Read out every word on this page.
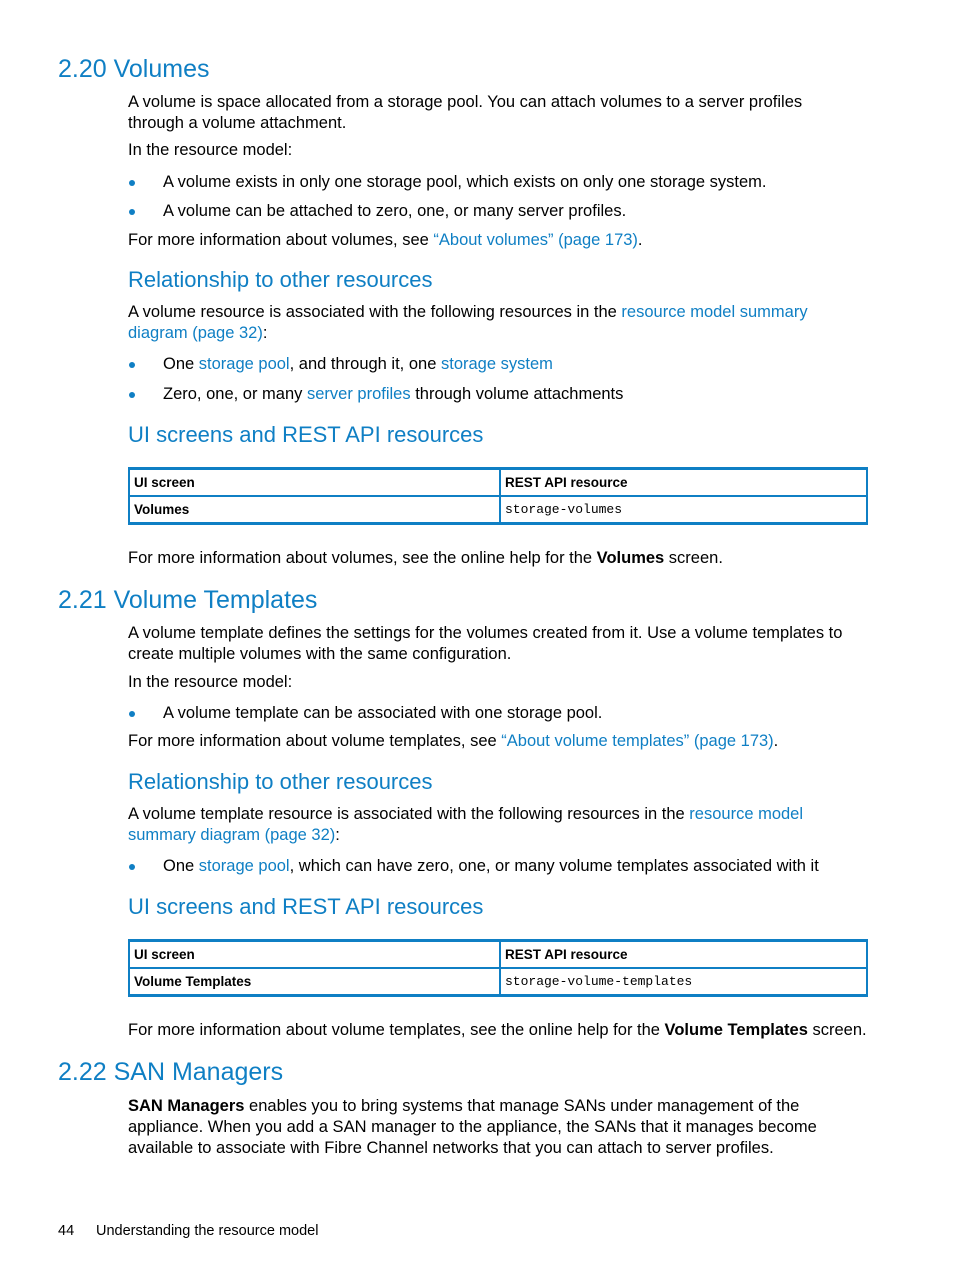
2.20 Volumes
A volume is space allocated from a storage pool. You can attach volumes to a server profiles
through a volume attachment.
In the resource model:
A volume exists in only one storage pool, which exists on only one storage system.
A volume can be attached to zero, one, or many server profiles.
For more information about volumes, see “About volumes” (page 173).
Relationship to other resources
A volume resource is associated with the following resources in the resource model summary
diagram (page 32):
One storage pool, and through it, one storage system
Zero, one, or many server profiles through volume attachments
UI screens and REST API resources
UI screen	REST API resource
Volumes	storage-volumes
For more information about volumes, see the online help for the Volumes screen.
2.21 Volume Templates
A volume template defines the settings for the volumes created from it. Use a volume templates to
create multiple volumes with the same configuration.
In the resource model:
A volume template can be associated with one storage pool.
For more information about volume templates, see “About volume templates” (page 173).
Relationship to other resources
A volume template resource is associated with the following resources in the resource model
summary diagram (page 32):
One storage pool, which can have zero, one, or many volume templates associated with it
UI screens and REST API resources
UI screen	REST API resource
Volume Templates	storage-volume-templates
For more information about volume templates, see the online help for the Volume Templates screen.
2.22 SAN Managers
SAN Managers enables you to bring systems that manage SANs under management of the
appliance. When you add a SAN manager to the appliance, the SANs that it manages become
available to associate with Fibre Channel networks that you can attach to server profiles.
44 Understanding the resource model
